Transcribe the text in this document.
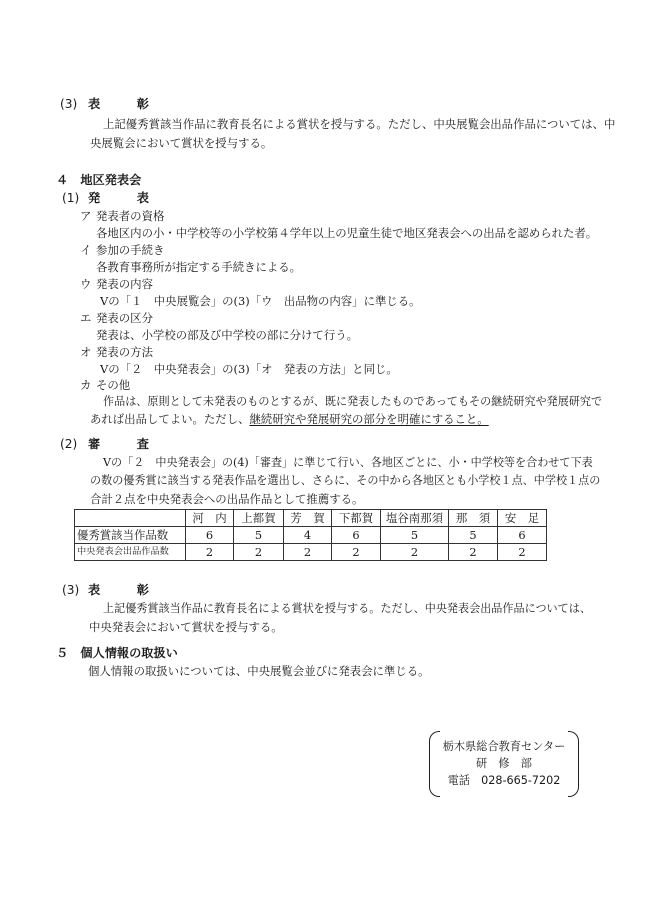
(3) 表　　　彰
上記優秀賞該当作品に教育長名による賞状を授与する。ただし、中央展覧会出品作品については、中
央展覧会において賞状を授与する。
４　地区発表会
(1) 発　　　表
ア 発表者の資格
各地区内の小・中学校等の小学校第４学年以上の児童生徒で地区発表会への出品を認められた者。
イ 参加の手続き
各教育事務所が指定する手続きによる。
ウ 発表の内容
Ⅴの「１　中央展覧会」の(3)「ウ　出品物の内容」に準じる。
エ 発表の区分
発表は、小学校の部及び中学校の部に分けて行う。
オ 発表の方法
Ⅴの「２　中央発表会」の(3)「オ　発表の方法」と同じ。
カ その他
作品は、原則として未発表のものとするが、既に発表したものであってもその継続研究や発展研究で
あれば出品してよい。ただし、継続研究や発展研究の部分を明確にすること。
(2) 審　　　査
Ⅴの「２　中央発表会」の(4)「審査」に準じて行い、各地区ごとに、小・中学校等を合わせて下表
の数の優秀賞に該当する発表作品を選出し、さらに、その中から各地区とも小学校１点、中学校１点の
合計２点を中央発表会への出品作品として推薦する。
	河　内	上都賀	芳　賀	下都賀	塩谷南那須	那　須	安　足
優秀賞該当作品数	6	5	4	6	5	5	6
中央発表会出品作品数	2	2	2	2	2	2	2
(3) 表　　　彰
上記優秀賞該当作品に教育長名による賞状を授与する。ただし、中央発表会出品作品については、
中央発表会において賞状を授与する。
５　個人情報の取扱い
個人情報の取扱いについては、中央展覧会並びに発表会に準じる。
栃木県総合教育センター
研　修　部
電話　028-665-7202
